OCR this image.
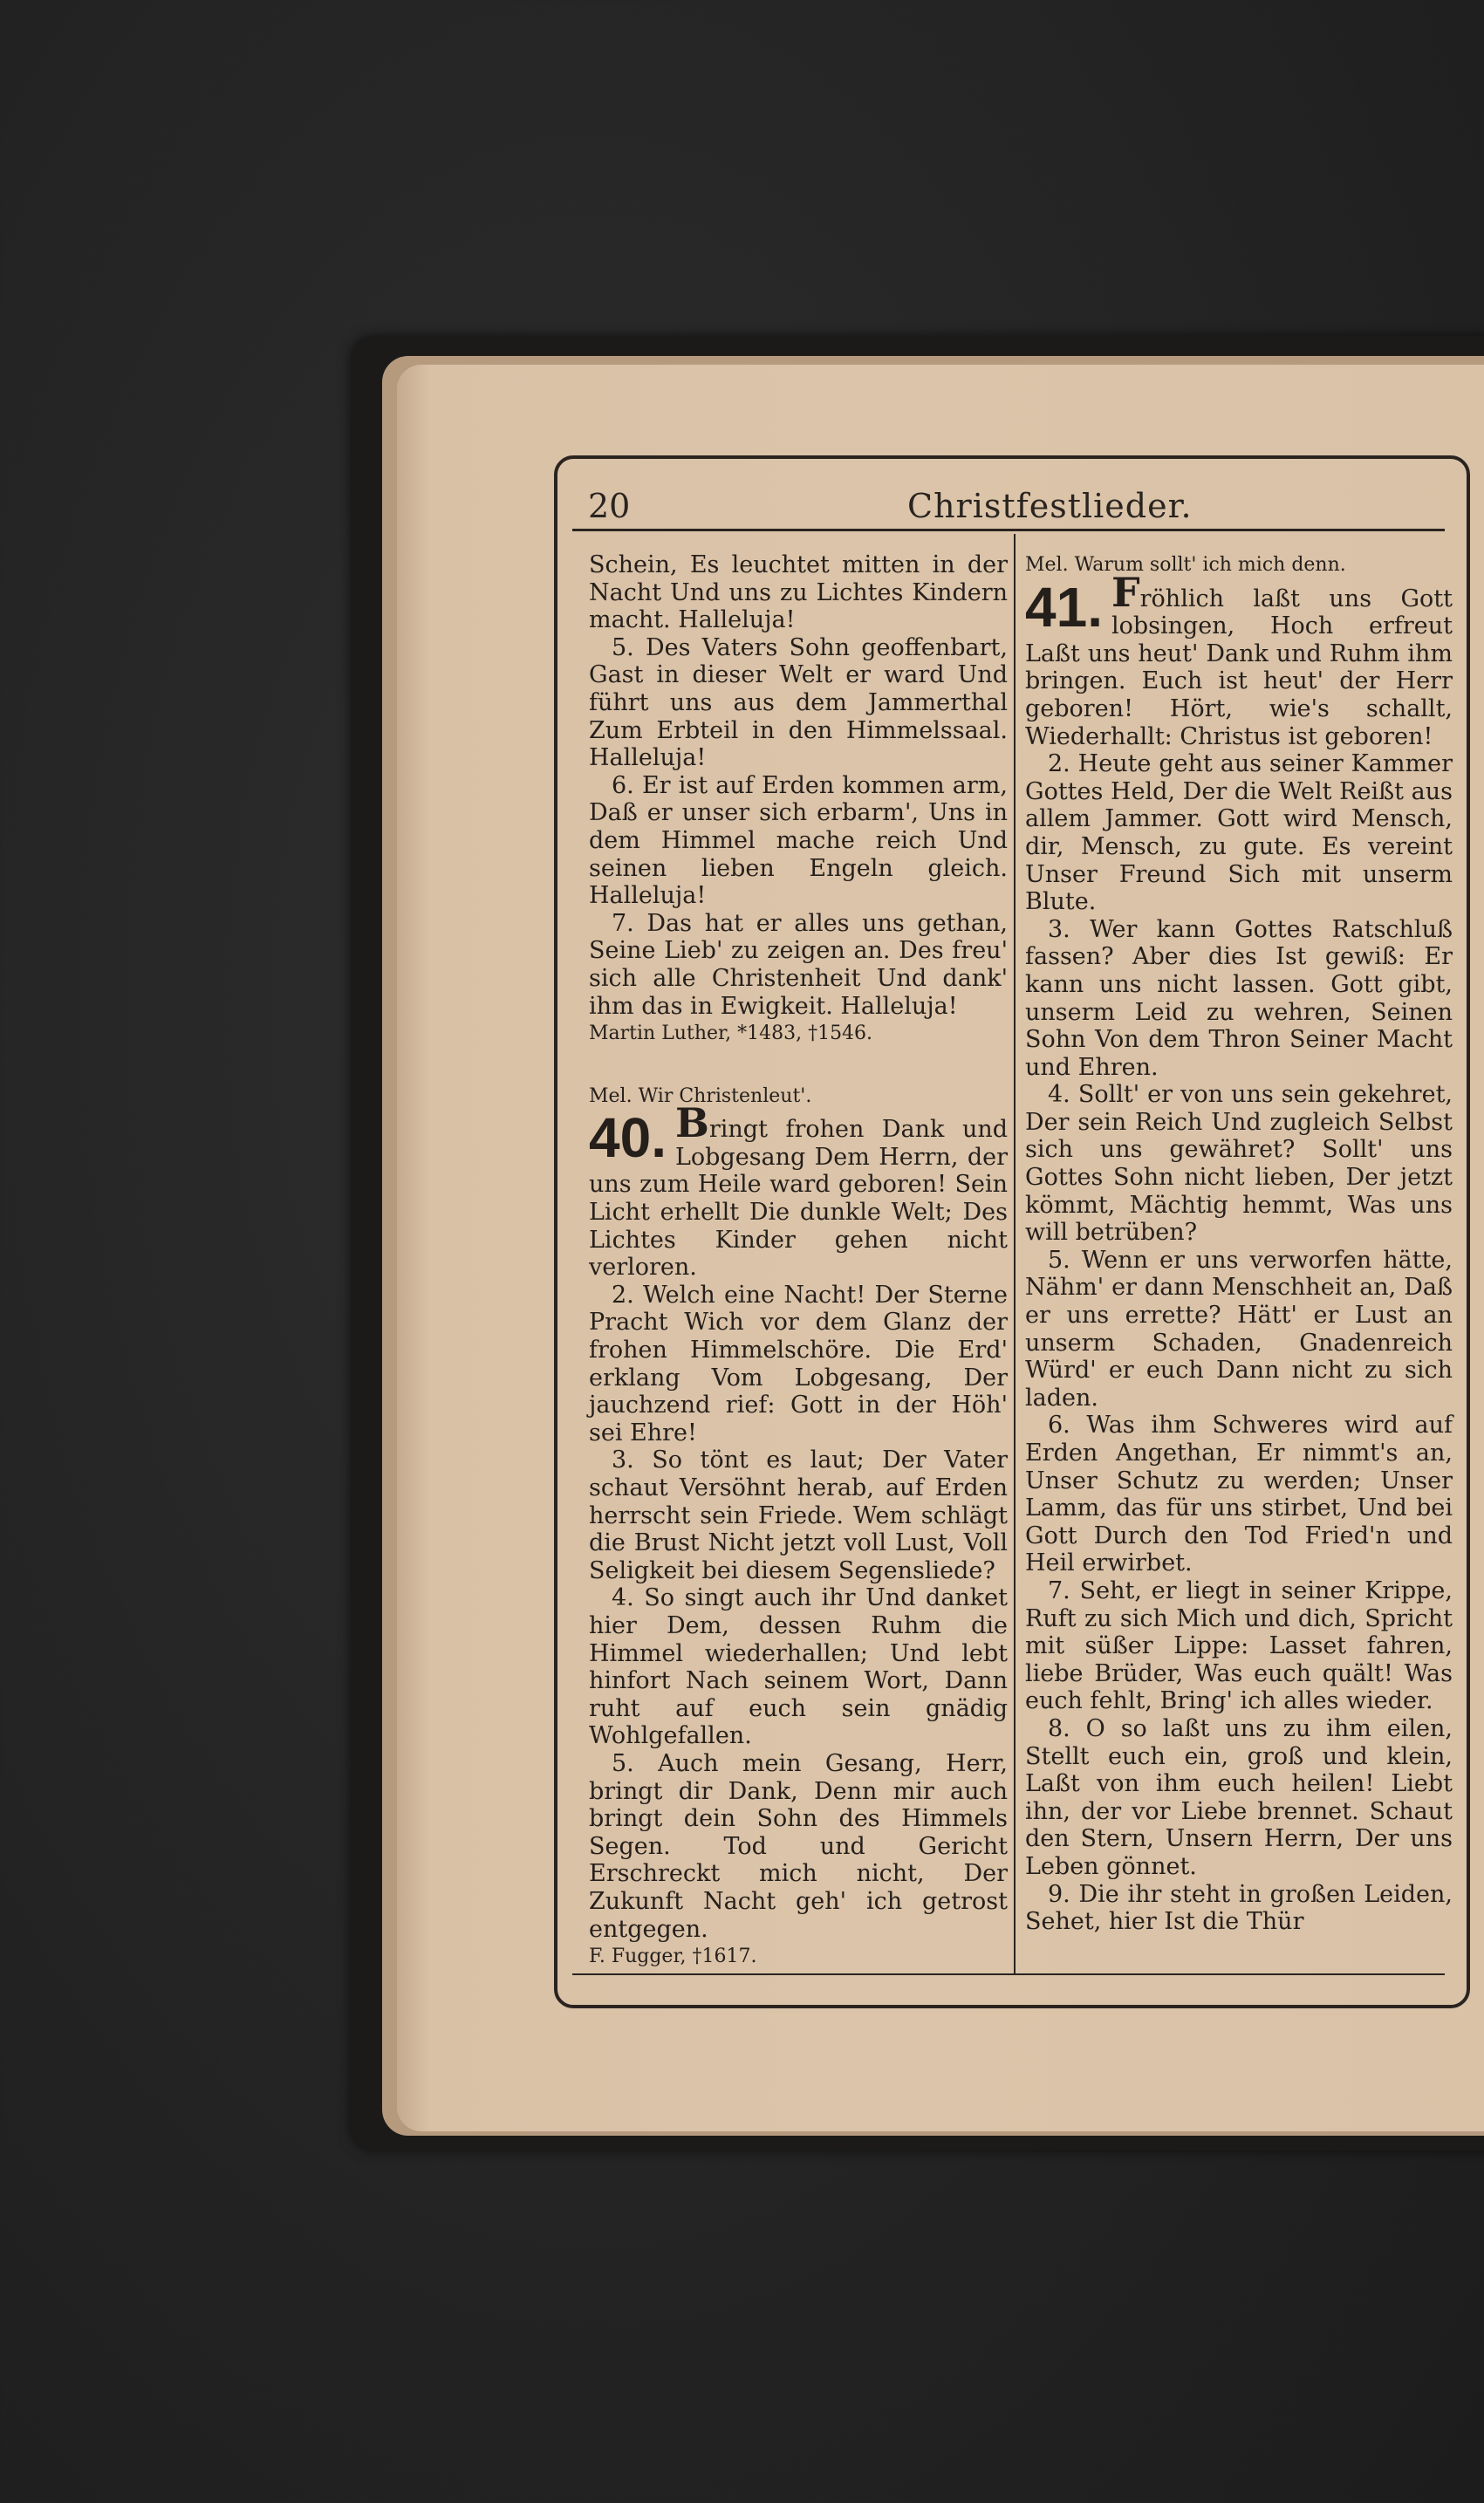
20	Christfestlieder.

Schein, Es leuchtet mitten in der Nacht Und uns zu Lichtes Kindern macht. Halleluja!

5. Des Vaters Sohn geoffenbart, Gast in dieser Welt er ward Und führt uns aus dem Jammerthal Zum Erbteil in den Himmelssaal. Halleluja!

6. Er ist auf Erden kommen arm, Daß er unser sich erbarm', Uns in dem Himmel mache reich Und seinen lieben Engeln gleich. Halleluja!

7. Das hat er alles uns gethan, Seine Lieb' zu zeigen an. Des freu' sich alle Christenheit Und dank' ihm das in Ewigkeit. Halleluja!

Martin Luther, *1483, †1546.

Mel. Wir Christenleut'.

40. Bringt frohen Dank und Lobgesang Dem Herrn, der uns zum Heile ward geboren! Sein Licht erhellt Die dunkle Welt; Des Lichtes Kinder gehen nicht verloren.

2. Welch eine Nacht! Der Sterne Pracht Wich vor dem Glanz der frohen Himmelschöre. Die Erd' erklang Vom Lobgesang, Der jauchzend rief: Gott in der Höh' sei Ehre!

3. So tönt es laut; Der Vater schaut Versöhnt herab, auf Erden herrscht sein Friede. Wem schlägt die Brust Nicht jetzt voll Lust, Voll Seligkeit bei diesem Segensliede?

4. So singt auch ihr Und danket hier Dem, dessen Ruhm die Himmel wiederhallen; Und lebt hinfort Nach seinem Wort, Dann ruht auf euch sein gnädig Wohlgefallen.

5. Auch mein Gesang, Herr, bringt dir Dank, Denn mir auch bringt dein Sohn des Himmels Segen. Tod und Gericht Erschreckt mich nicht, Der Zukunft Nacht geh' ich getrost entgegen.

F. Fugger, †1617.

Mel. Warum sollt' ich mich denn.

41. Fröhlich laßt uns Gott lobsingen, Hoch erfreut Laßt uns heut' Dank und Ruhm ihm bringen. Euch ist heut' der Herr geboren! Hört, wie's schallt, Wiederhallt: Christus ist geboren!

2. Heute geht aus seiner Kammer Gottes Held, Der die Welt Reißt aus allem Jammer. Gott wird Mensch, dir, Mensch, zu gute. Es vereint Unser Freund Sich mit unserm Blute.

3. Wer kann Gottes Ratschluß fassen? Aber dies Ist gewiß: Er kann uns nicht lassen. Gott gibt, unserm Leid zu wehren, Seinen Sohn Von dem Thron Seiner Macht und Ehren.

4. Sollt' er von uns sein gekehret, Der sein Reich Und zugleich Selbst sich uns gewähret? Sollt' uns Gottes Sohn nicht lieben, Der jetzt kömmt, Mächtig hemmt, Was uns will betrüben?

5. Wenn er uns verworfen hätte, Nähm' er dann Menschheit an, Daß er uns errette? Hätt' er Lust an unserm Schaden, Gnadenreich Würd' er euch Dann nicht zu sich laden.

6. Was ihm Schweres wird auf Erden Angethan, Er nimmt's an, Unser Schutz zu werden; Unser Lamm, das für uns stirbet, Und bei Gott Durch den Tod Fried'n und Heil erwirbet.

7. Seht, er liegt in seiner Krippe, Ruft zu sich Mich und dich, Spricht mit süßer Lippe: Lasset fahren, liebe Brüder, Was euch quält! Was euch fehlt, Bring' ich alles wieder.

8. O so laßt uns zu ihm eilen, Stellt euch ein, groß und klein, Laßt von ihm euch heilen! Liebt ihn, der vor Liebe brennet. Schaut den Stern, Unsern Herrn, Der uns Leben gönnet.

9. Die ihr steht in großen Leiden, Sehet, hier Ist die Thür
